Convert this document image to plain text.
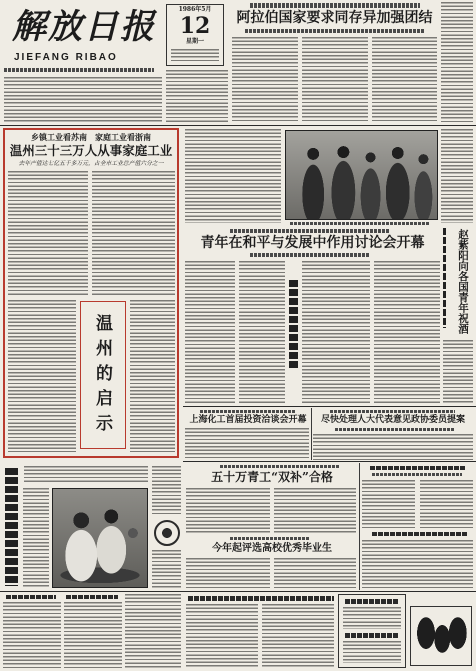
解放日报
JIEFANG RIBAO
1986年5月
12
星期一
阿拉伯国家要求同存异加强团结
乡镇工业看苏南　家庭工业看浙南
温州三十三万人从事家庭工业
去年产值达七亿五千多万元，占全市工业总产值六分之一
温州的启示
青年在和平与发展中作用讨论会开幕	赵紫阳向各国青年祝酒
上海化工首届投资洽谈会开幕	尽快处理人大代表意见政协委员提案
五十万青工“双补”合格
今年起评选高校优秀毕业生
